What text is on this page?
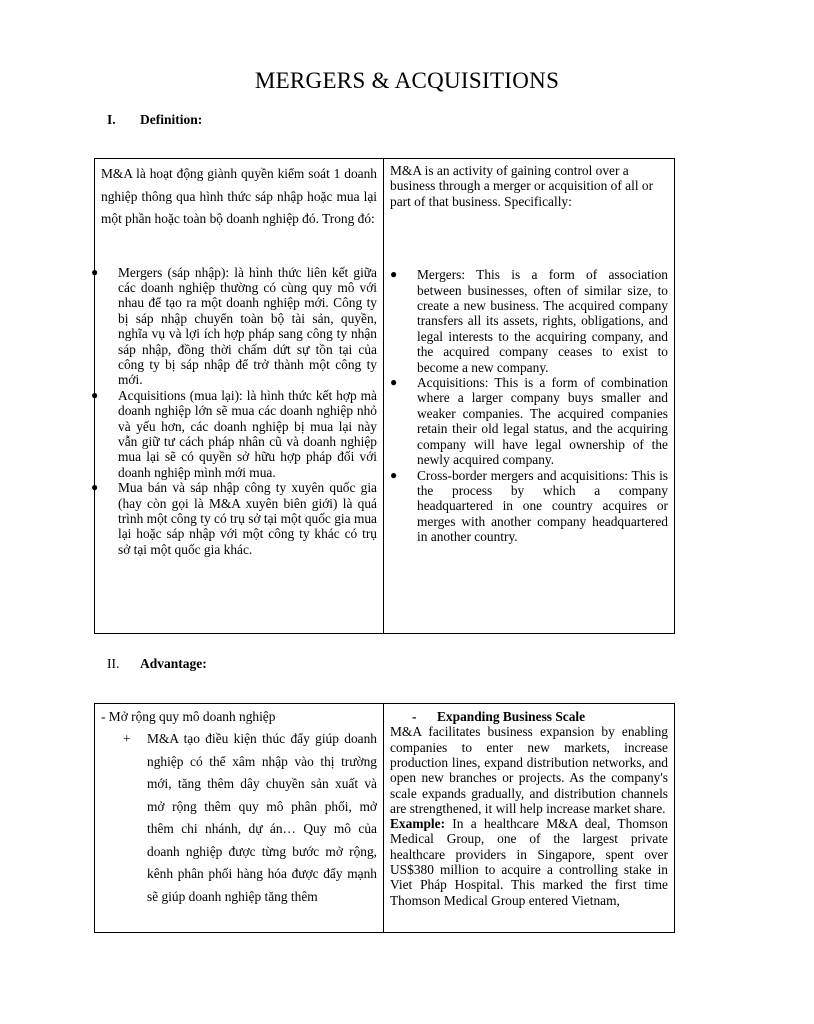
MERGERS & ACQUISITIONS
I. Definition:

M&A là hoạt động giành quyền kiểm soát 1 doanh nghiệp thông qua hình thức sáp nhập hoặc mua lại một phần hoặc toàn bộ doanh nghiệp đó. Trong đó:

● Mergers (sáp nhập): là hình thức liên kết giữa các doanh nghiệp thường có cùng quy mô với nhau để tạo ra một doanh nghiệp mới. Công ty bị sáp nhập chuyển toàn bộ tài sản, quyền, nghĩa vụ và lợi ích hợp pháp sang công ty nhận sáp nhập, đồng thời chấm dứt sự tồn tại của công ty bị sáp nhập để trở thành một công ty mới.
● Acquisitions (mua lại): là hình thức kết hợp mà doanh nghiệp lớn sẽ mua các doanh nghiệp nhỏ và yếu hơn, các doanh nghiệp bị mua lại này vẫn giữ tư cách pháp nhân cũ và doanh nghiệp mua lại sẽ có quyền sở hữu hợp pháp đối với doanh nghiệp mình mới mua.
● Mua bán và sáp nhập công ty xuyên quốc gia (hay còn gọi là M&A xuyên biên giới) là quá trình một công ty có trụ sở tại một quốc gia mua lại hoặc sáp nhập với một công ty khác có trụ sở tại một quốc gia khác.

M&A is an activity of gaining control over a business through a merger or acquisition of all or part of that business. Specifically:

● Mergers: This is a form of association between businesses, often of similar size, to create a new business. The acquired company transfers all its assets, rights, obligations, and legal interests to the acquiring company, and the acquired company ceases to exist to become a new company.
● Acquisitions: This is a form of combination where a larger company buys smaller and weaker companies. The acquired companies retain their old legal status, and the acquiring company will have legal ownership of the newly acquired company.
● Cross-border mergers and acquisitions: This is the process by which a company headquartered in one country acquires or merges with another company headquartered in another country.
II. Advantage:

- Mở rộng quy mô doanh nghiệp

+ M&A tạo điều kiện thúc đẩy giúp doanh nghiệp có thể xâm nhập vào thị trường mới, tăng thêm dây chuyền sản xuất và mở rộng thêm quy mô phân phối, mở thêm chi nhánh, dự án… Quy mô của doanh nghiệp được từng bước mở rộng, kênh phân phối hàng hóa được đẩy mạnh sẽ giúp doanh nghiệp tăng thêm

- Expanding Business Scale

M&A facilitates business expansion by enabling companies to enter new markets, increase production lines, expand distribution networks, and open new branches or projects. As the company's scale expands gradually, and distribution channels are strengthened, it will help increase market share.

Example: In a healthcare M&A deal, Thomson Medical Group, one of the largest private healthcare providers in Singapore, spent over US$380 million to acquire a controlling stake in Viet Pháp Hospital. This marked the first time Thomson Medical Group entered Vietnam,
